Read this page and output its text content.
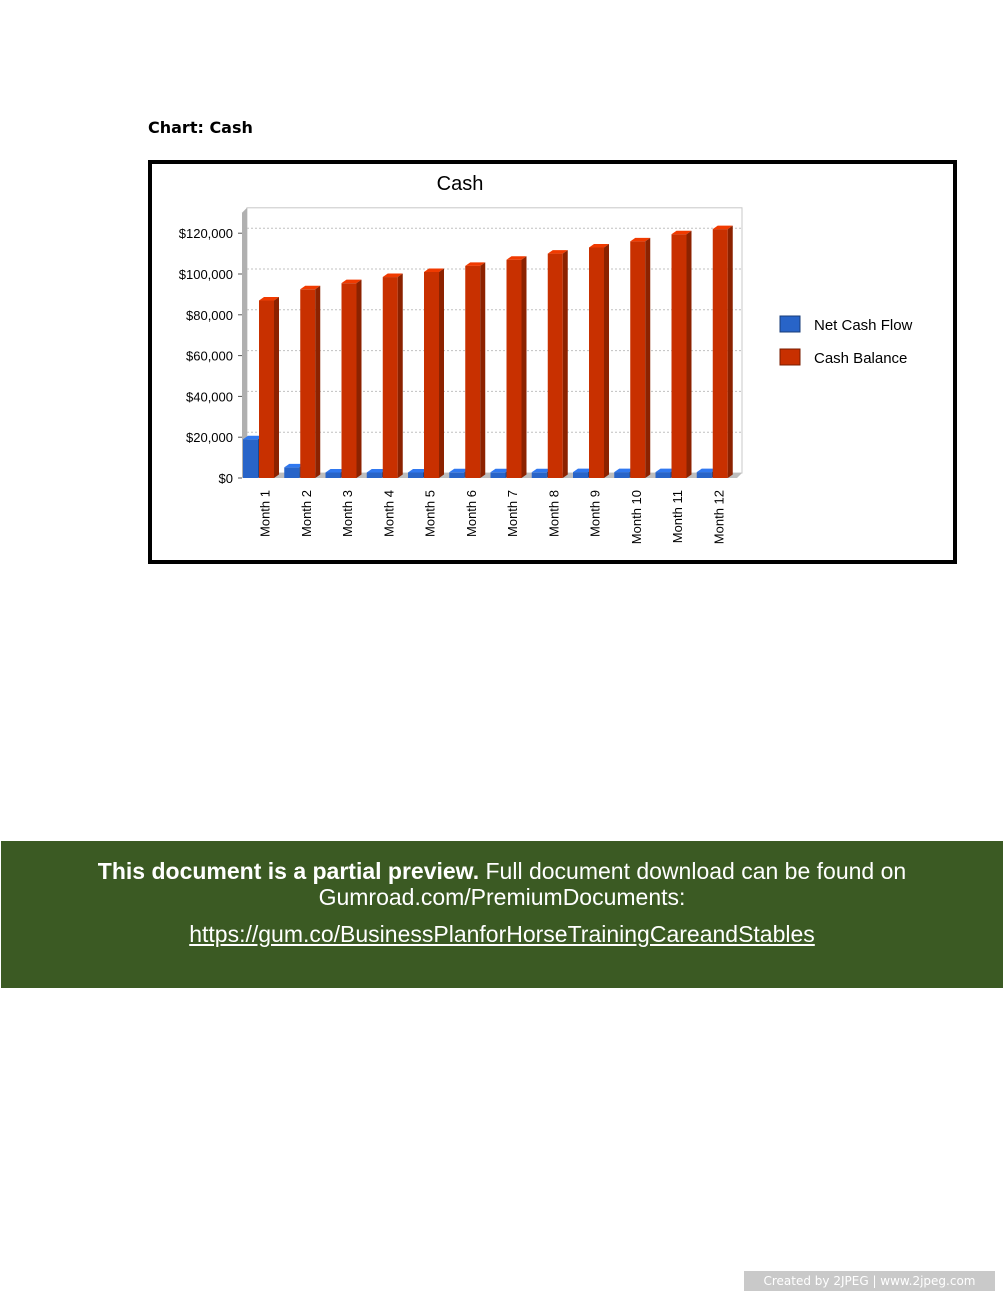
Chart: Cash
Cash
$0
$20,000
$40,000
$60,000
$80,000
$100,000
$120,000
Month 1 Month 2 Month 3 Month 4 Month 5 Month 6 Month 7 Month 8 Month 9 Month 10 Month 11 Month 12
Net Cash Flow
Cash Balance
This document is a partial preview. Full document download can be found on
Gumroad.com/PremiumDocuments:
https://gum.co/BusinessPlanforHorseTrainingCareandStables
Created by 2JPEG | www.2jpeg.com
